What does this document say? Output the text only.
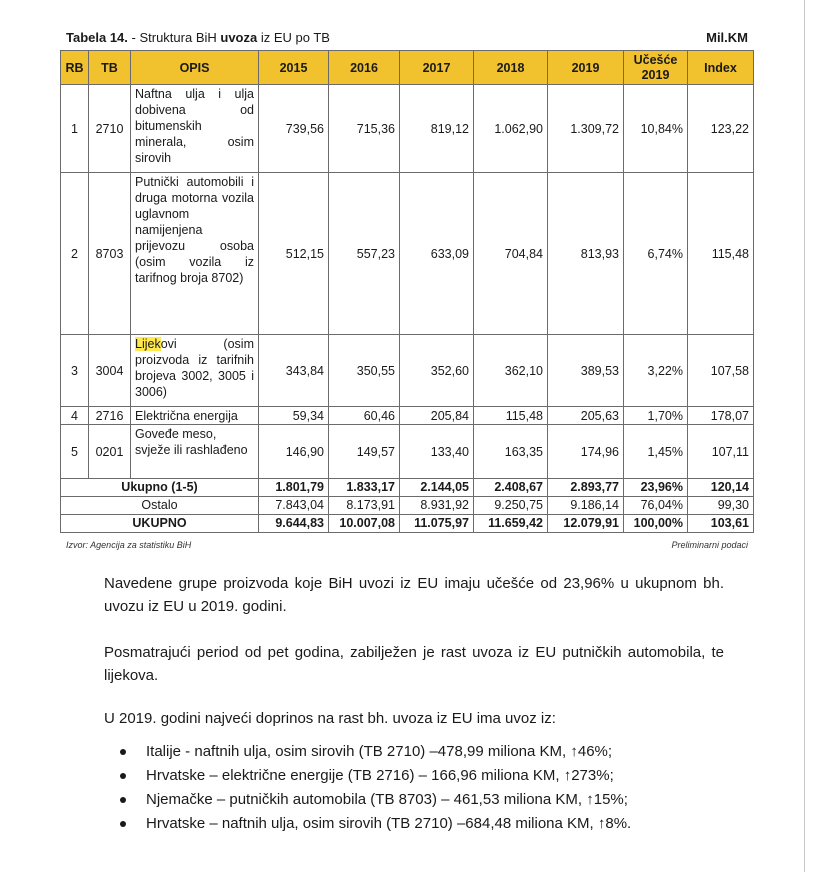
Tabela 14. - Struktura BiH uvoza iz EU po TB	Mil.KM
RB	TB	OPIS	2015	2016	2017	2018	2019	Učešće 2019	Index
1	2710	Naftna ulja i ulja dobivena od bitumenskih minerala, osim sirovih	739,56	715,36	819,12	1.062,90	1.309,72	10,84%	123,22
2	8703	Putnički automobili i druga motorna vozila uglavnom namijenjena prijevozu osoba (osim vozila iz tarifnog broja 8702)	512,15	557,23	633,09	704,84	813,93	6,74%	115,48
3	3004	Lijekovi (osim proizvoda iz tarifnih brojeva 3002, 3005 i 3006)	343,84	350,55	352,60	362,10	389,53	3,22%	107,58
4	2716	Električna energija	59,34	60,46	205,84	115,48	205,63	1,70%	178,07
5	0201	Goveđe meso, svježe ili rashlađeno	146,90	149,57	133,40	163,35	174,96	1,45%	107,11
Ukupno (1-5)			1.801,79	1.833,17	2.144,05	2.408,67	2.893,77	23,96%	120,14
Ostalo			7.843,04	8.173,91	8.931,92	9.250,75	9.186,14	76,04%	99,30
UKUPNO			9.644,83	10.007,08	11.075,97	11.659,42	12.079,91	100,00%	103,61
Izvor: Agencija za statistiku BiH	Preliminarni podaci

Navedene grupe proizvoda koje BiH uvozi iz EU imaju učešće od 23,96% u ukupnom bh. uvozu iz EU u 2019. godini.

Posmatrajući period od pet godina, zabilježen je rast uvoza iz EU putničkih automobila, te lijekova.

U 2019. godini najveći doprinos na rast bh. uvoza iz EU ima uvoz iz:

Italije - naftnih ulja, osim sirovih (TB 2710) –478,99 miliona KM, ↑46%;
Hrvatske – električne energije (TB 2716) – 166,96 miliona KM, ↑273%;
Njemačke – putničkih automobila (TB 8703) – 461,53 miliona KM, ↑15%;
Hrvatske – naftnih ulja, osim sirovih (TB 2710) –684,48 miliona KM, ↑8%.
